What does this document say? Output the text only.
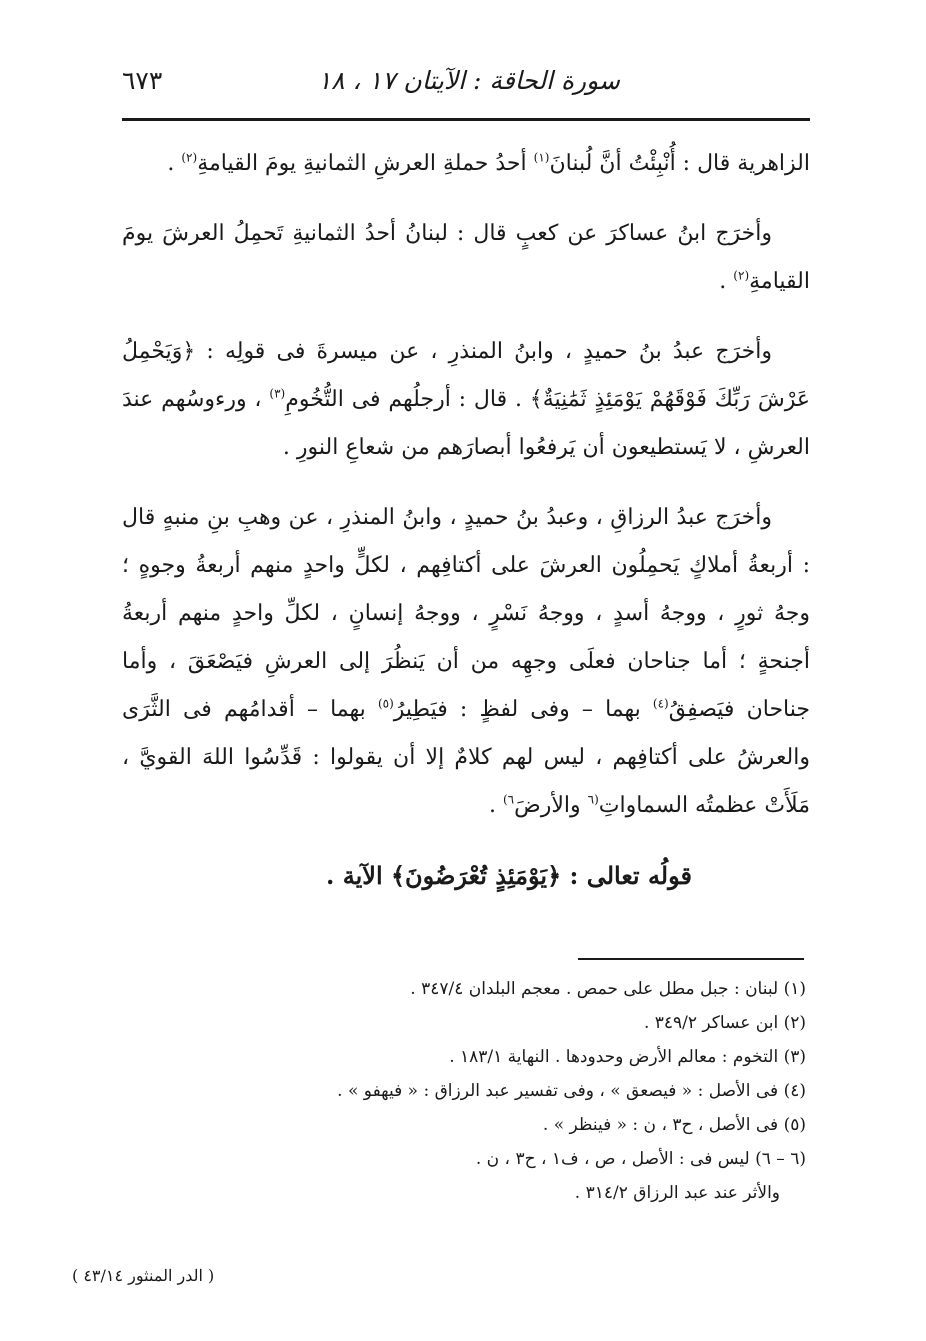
سورة الحاقة : الآيتان ١٧ ، ١٨
٦٧٣

الزاهرية قال : أُنْبِئْتُ أنَّ لُبنانَ$^{(١)}$ أحدُ حملةِ العرشِ الثمانيةِ يومَ القيامةِ$^{(٢)}$ .

وأخرَج ابنُ عساكرَ عن كعبٍ قال : لبنانُ أحدُ الثمانيةِ تَحمِلُ العرشَ يومَ القيامةِ$^{(٢)}$ .

وأخرَج عبدُ بنُ حميدٍ ، وابنُ المنذرِ ، عن ميسرةَ فى قولِه : ﴿وَيَحْمِلُ عَرْشَ رَبِّكَ فَوْقَهُمْ يَوْمَئِذٍ ثَمَٰنِيَةٌ﴾ . قال : أرجلُهم فى التُّخُومِ$^{(٣)}$ ، ورءوسُهم عندَ العرشِ ، لا يَستطيعون أن يَرفعُوا أبصارَهم من شعاعِ النورِ .

وأخرَج عبدُ الرزاقِ ، وعبدُ بنُ حميدٍ ، وابنُ المنذرِ ، عن وهبِ بنِ منبهٍ قال : أربعةُ أملاكٍ يَحمِلُون العرشَ على أكتافِهم ، لكلٍّ واحدٍ منهم أربعةُ وجوهٍ ؛ وجهُ ثورٍ ، ووجهُ أسدٍ ، ووجهُ نَسْرٍ ، ووجهُ إنسانٍ ، لكلِّ واحدٍ منهم أربعةُ أجنحةٍ ؛ أما جناحان فعلَى وجهِه من أن يَنظُرَ إلى العرشِ فيَصْعَقَ ، وأما جناحان فيَصفِقُ$^{(٤)}$ بهما – وفى لفظٍ : فيَطِيرُ$^{(٥)}$ بهما – أقدامُهم فى الثَّرَى والعرشُ على أكتافِهم ، ليس لهم كلامٌ إلا أن يقولوا : قَدِّسُوا اللهَ القويَّ ، مَلَأَتْ عظمتُه السماواتِ$^{(٦}$ والأرضَ$^{٦)}$ .

قولُه تعالى : ﴿يَوْمَئِذٍ تُعْرَضُونَ﴾ الآية .

(١) لبنان : جبل مطل على حمص . معجم البلدان ٣٤٧/٤ .
(٢) ابن عساكر ٣٤٩/٢ .
(٣) التخوم : معالم الأرض وحدودها . النهاية ١٨٣/١ .
(٤) فى الأصل : « فيصعق » ، وفى تفسير عبد الرزاق : « فيهفو » .
(٥) فى الأصل ، ح٣ ، ن : « فينظر » .
(٦ – ٦) ليس فى : الأصل ، ص ، ف١ ، ح٣ ، ن .
والأثر عند عبد الرزاق ٣١٤/٢ .
( الدر المنثور ٤٣/١٤ )
